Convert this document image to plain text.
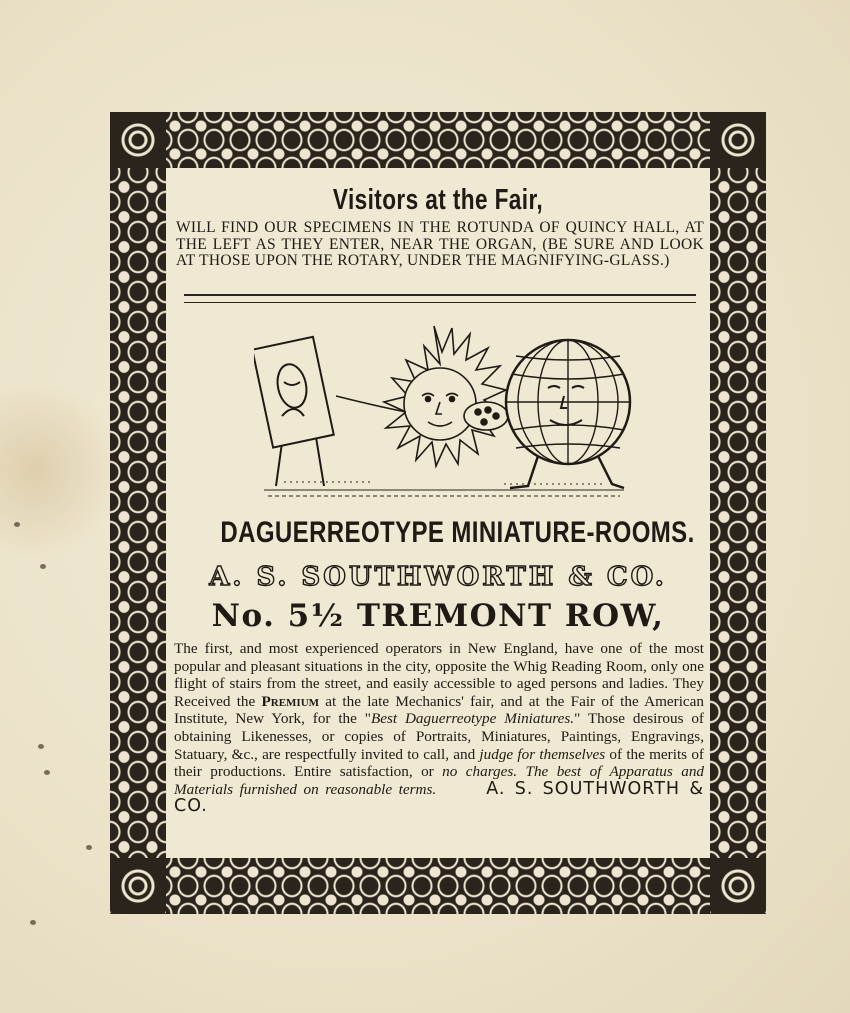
Visitors at the Fair,
WILL FIND OUR SPECIMENS IN THE ROTUNDA OF QUINCY HALL, AT THE LEFT AS THEY ENTER, NEAR THE ORGAN, (BE SURE AND LOOK AT THOSE UPON THE ROTARY, UNDER THE MAGNIFYING-GLASS.)
DAGUERREOTYPE MINIATURE-ROOMS.
A. S. SOUTHWORTH & CO.
No. 5½ TREMONT ROW,
The first, and most experienced operators in New England, have one of the most popular and pleasant situations in the city, opposite the Whig Reading Room, only one flight of stairs from the street, and easily accessible to aged persons and ladies. They Received the Premium at the late Mechanics' fair, and at the Fair of the American Institute, New York, for the "Best Daguerreotype Miniatures." Those desirous of obtaining Likenesses, or copies of Portraits, Miniatures, Paintings, Engravings, Statuary, &c., are respectfully invited to call, and judge for themselves of the merits of their productions. Entire satisfaction, or no charges. The best of Apparatus and Materials furnished on reasonable terms.	A. S. SOUTHWORTH & CO.
